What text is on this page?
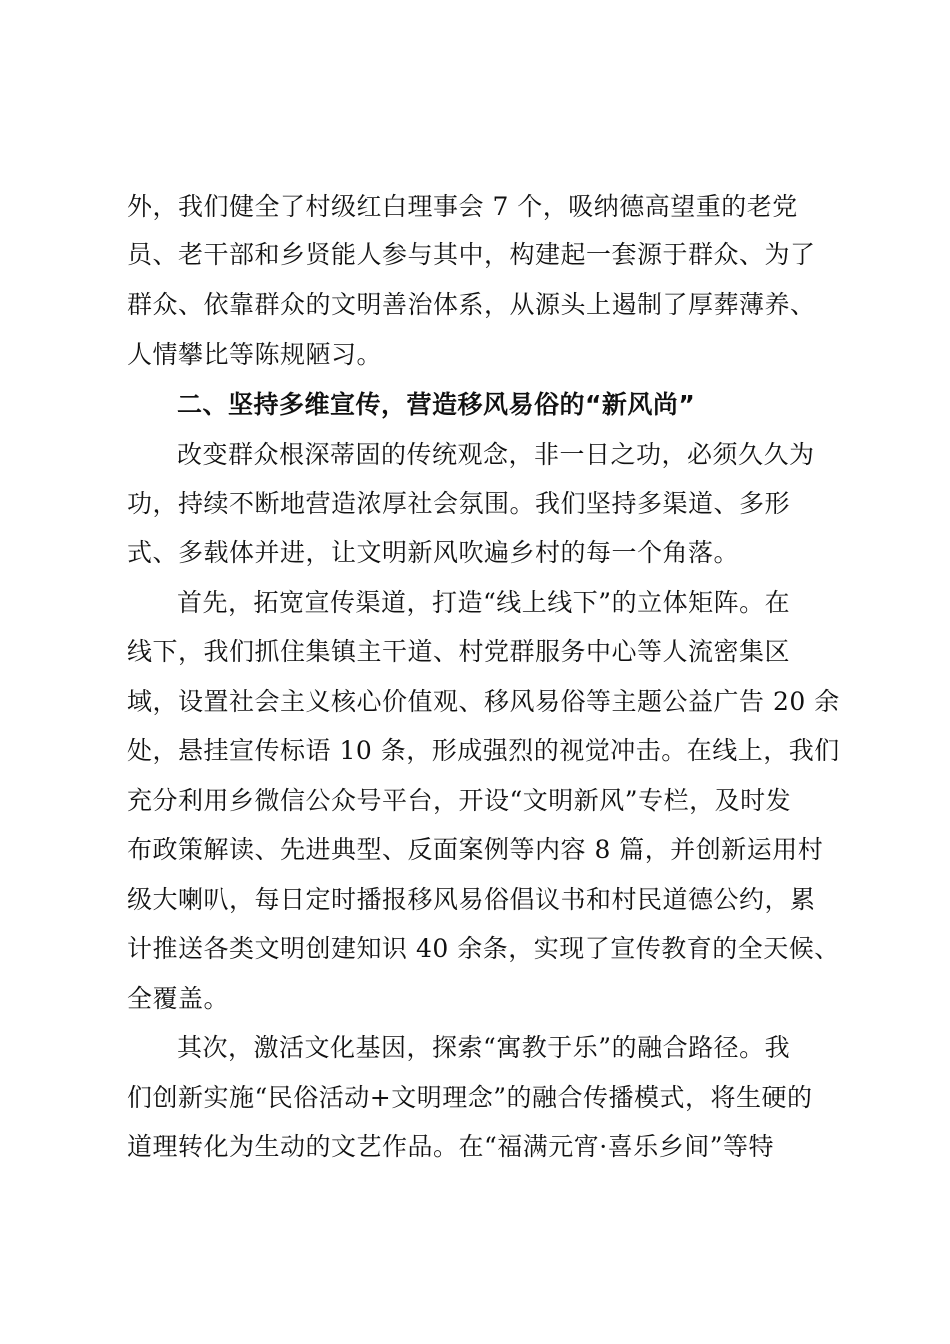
外，我们健全了村级红白理事会 7 个，吸纳德高望重的老党
员、老干部和乡贤能人参与其中，构建起一套源于群众、为了
群众、依靠群众的文明善治体系，从源头上遏制了厚葬薄养、
人情攀比等陈规陋习。
二、坚持多维宣传，营造移风易俗的“新风尚”
改变群众根深蒂固的传统观念，非一日之功，必须久久为
功，持续不断地营造浓厚社会氛围。我们坚持多渠道、多形
式、多载体并进，让文明新风吹遍乡村的每一个角落。
首先，拓宽宣传渠道，打造“线上线下”的立体矩阵。在
线下，我们抓住集镇主干道、村党群服务中心等人流密集区
域，设置社会主义核心价值观、移风易俗等主题公益广告 20 余
处，悬挂宣传标语 10 条，形成强烈的视觉冲击。在线上，我们
充分利用乡微信公众号平台，开设“文明新风”专栏，及时发
布政策解读、先进典型、反面案例等内容 8 篇，并创新运用村
级大喇叭，每日定时播报移风易俗倡议书和村民道德公约，累
计推送各类文明创建知识 40 余条，实现了宣传教育的全天候、
全覆盖。
其次，激活文化基因，探索“寓教于乐”的融合路径。我
们创新实施“民俗活动+文明理念”的融合传播模式，将生硬的
道理转化为生动的文艺作品。在“福满元宵·喜乐乡间”等特
